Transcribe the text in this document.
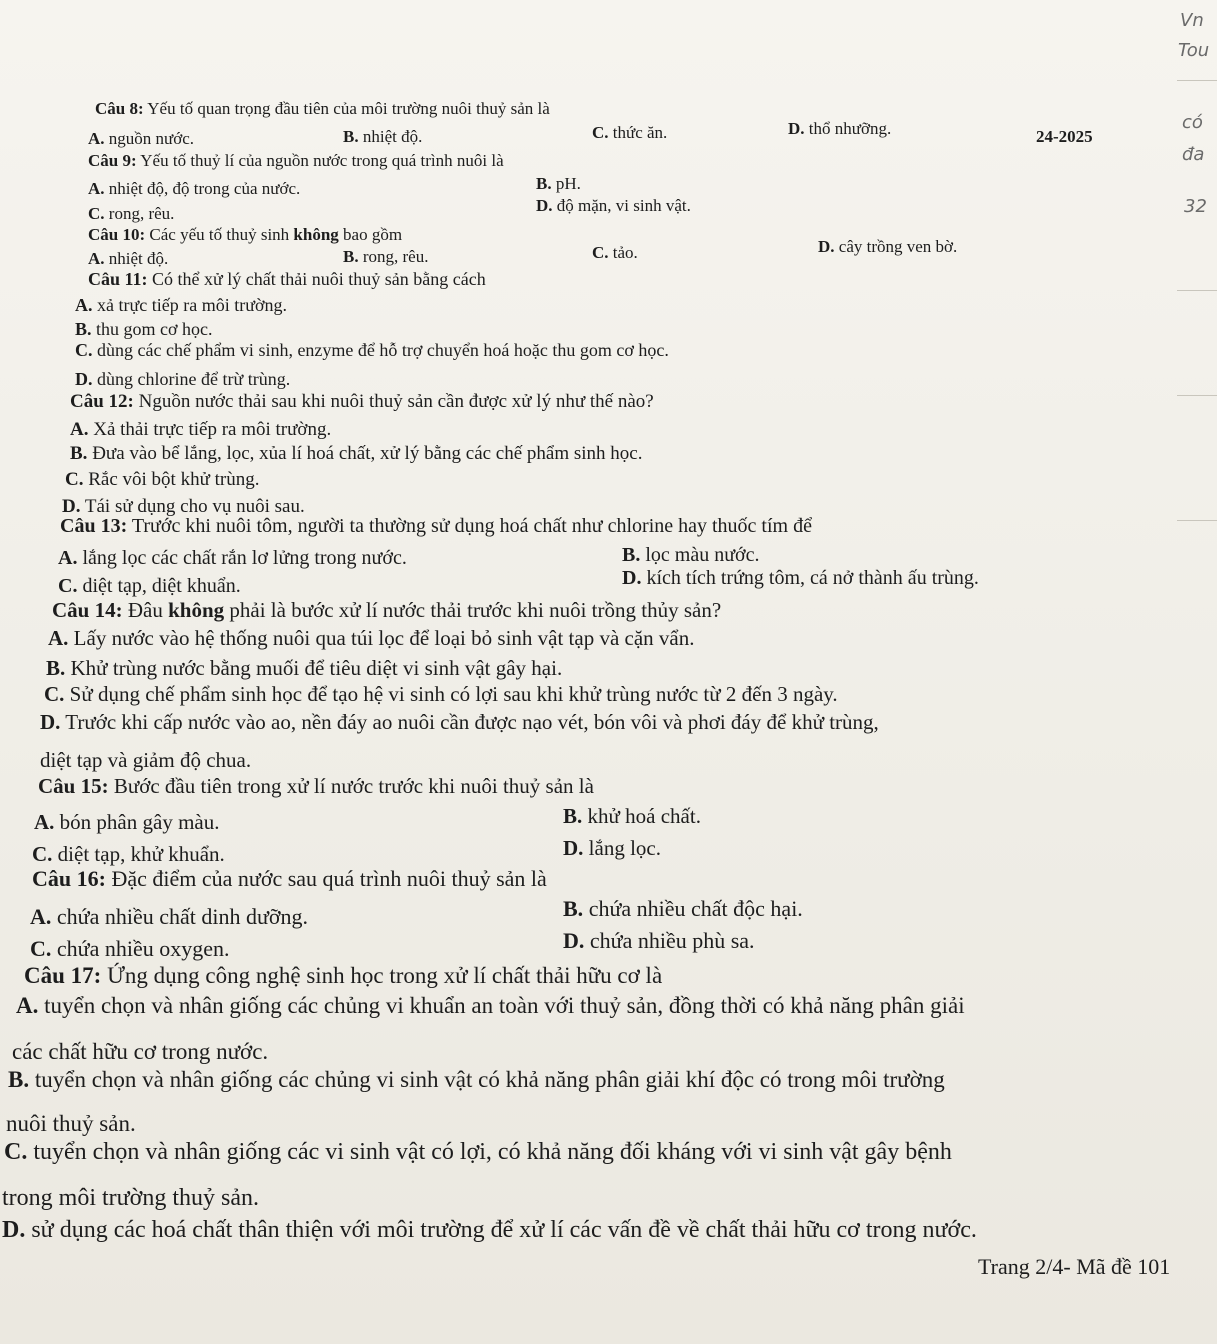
Vn
Tou
có
đa
32
Câu 8: Yếu tố quan trọng đầu tiên của môi trường nuôi thuỷ sản là
A. nguồn nước.	B. nhiệt độ.	C. thức ăn.	D. thổ nhưỡng.	24-2025
Câu 9: Yếu tố thuỷ lí của nguồn nước trong quá trình nuôi là
A. nhiệt độ, độ trong của nước.	B. pH.
C. rong, rêu.	D. độ mặn, vi sinh vật.
Câu 10: Các yếu tố thuỷ sinh không bao gồm
A. nhiệt độ.	B. rong, rêu.	C. tảo.	D. cây trồng ven bờ.
Câu 11: Có thể xử lý chất thải nuôi thuỷ sản bằng cách
A. xả trực tiếp ra môi trường.
B. thu gom cơ học.
C. dùng các chế phẩm vi sinh, enzyme để hỗ trợ chuyển hoá hoặc thu gom cơ học.
D. dùng chlorine để trừ trùng.
Câu 12: Nguồn nước thải sau khi nuôi thuỷ sản cần được xử lý như thế nào?
A. Xả thải trực tiếp ra môi trường.
B. Đưa vào bể lắng, lọc, xủa lí hoá chất, xử lý bằng các chế phẩm sinh học.
C. Rắc vôi bột khử trùng.
D. Tái sử dụng cho vụ nuôi sau.
Câu 13: Trước khi nuôi tôm, người ta thường sử dụng hoá chất như chlorine hay thuốc tím để
A. lắng lọc các chất rắn lơ lửng trong nước.	B. lọc màu nước.
C. diệt tạp, diệt khuẩn.	D. kích tích trứng tôm, cá nở thành ấu trùng.
Câu 14: Đâu không phải là bước xử lí nước thải trước khi nuôi trồng thủy sản?
A. Lấy nước vào hệ thống nuôi qua túi lọc để loại bỏ sinh vật tạp và cặn vẩn.
B. Khử trùng nước bằng muối để tiêu diệt vi sinh vật gây hại.
C. Sử dụng chế phẩm sinh học để tạo hệ vi sinh có lợi sau khi khử trùng nước từ 2 đến 3 ngày.
D. Trước khi cấp nước vào ao, nền đáy ao nuôi cần được nạo vét, bón vôi và phơi đáy để khử trùng,
diệt tạp và giảm độ chua.
Câu 15: Bước đầu tiên trong xử lí nước trước khi nuôi thuỷ sản là
A. bón phân gây màu.	B. khử hoá chất.
C. diệt tạp, khử khuẩn.	D. lắng lọc.
Câu 16: Đặc điểm của nước sau quá trình nuôi thuỷ sản là
A. chứa nhiều chất dinh dưỡng.	B. chứa nhiều chất độc hại.
C. chứa nhiều oxygen.	D. chứa nhiều phù sa.
Câu 17: Ứng dụng công nghệ sinh học trong xử lí chất thải hữu cơ là
A. tuyển chọn và nhân giống các chủng vi khuẩn an toàn với thuỷ sản, đồng thời có khả năng phân giải
các chất hữu cơ trong nước.
B. tuyển chọn và nhân giống các chủng vi sinh vật có khả năng phân giải khí độc có trong môi trường
nuôi thuỷ sản.
C. tuyển chọn và nhân giống các vi sinh vật có lợi, có khả năng đối kháng với vi sinh vật gây bệnh
trong môi trường thuỷ sản.
D. sử dụng các hoá chất thân thiện với môi trường để xử lí các vấn đề về chất thải hữu cơ trong nước.
Trang 2/4- Mã đề 101
